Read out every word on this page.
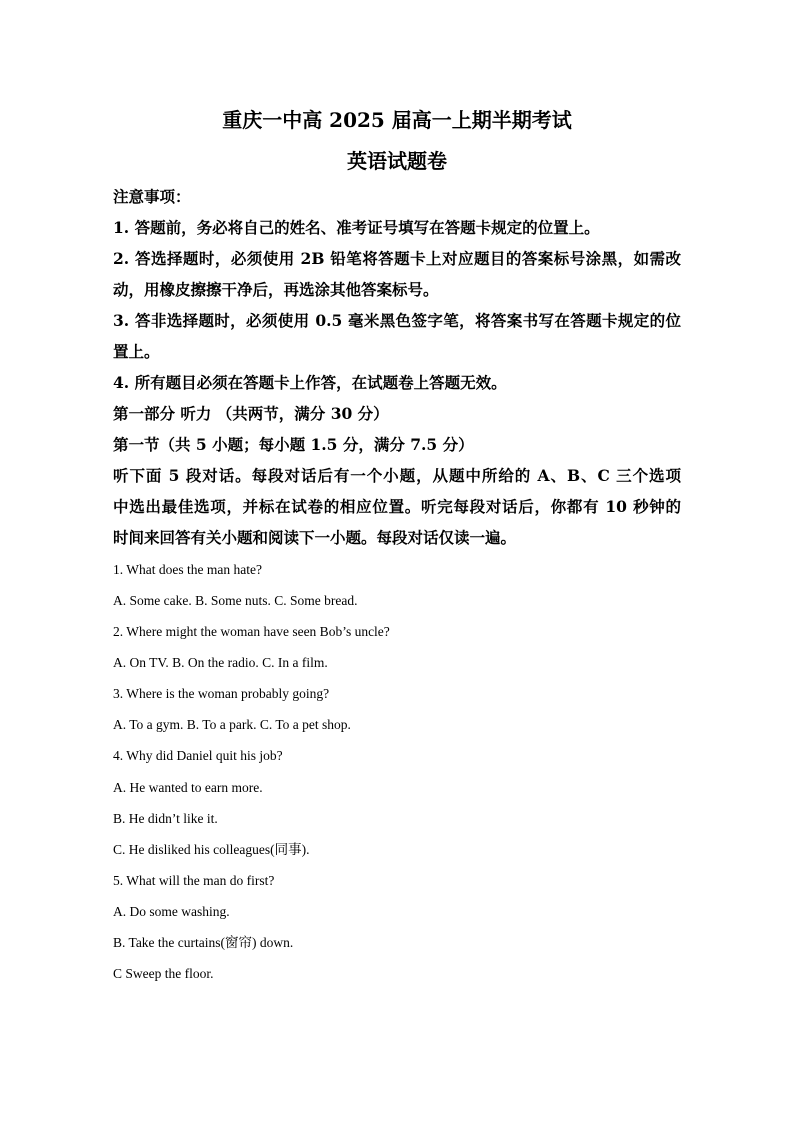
重庆一中高 2025 届高一上期半期考试
英语试题卷
注意事项：
1. 答题前，务必将自己的姓名、准考证号填写在答题卡规定的位置上。
2. 答选择题时，必须使用 2B 铅笔将答题卡上对应题目的答案标号涂黑，如需改
动，用橡皮擦擦干净后，再选涂其他答案标号。
3. 答非选择题时，必须使用 0.5 毫米黑色签字笔，将答案书写在答题卡规定的位
置上。
4. 所有题目必须在答题卡上作答，在试题卷上答题无效。
第一部分 听力 （共两节，满分 30 分）
第一节（共 5 小题；每小题 1.5 分，满分 7.5 分）
听下面 5 段对话。每段对话后有一个小题，从题中所给的 A、B、C 三个选项
中选出最佳选项，并标在试卷的相应位置。听完每段对话后，你都有 10 秒钟的
时间来回答有关小题和阅读下一小题。每段对话仅读一遍。
1. What does the man hate?
A. Some cake. B. Some nuts. C. Some bread.
2. Where might the woman have seen Bob’s uncle?
A. On TV. B. On the radio. C. In a film.
3. Where is the woman probably going?
A. To a gym. B. To a park. C. To a pet shop.
4. Why did Daniel quit his job?
A. He wanted to earn more.
B. He didn’t like it.
C. He disliked his colleagues(同事).
5. What will the man do first?
A. Do some washing.
B. Take the curtains(窗帘) down.
C Sweep the floor.
